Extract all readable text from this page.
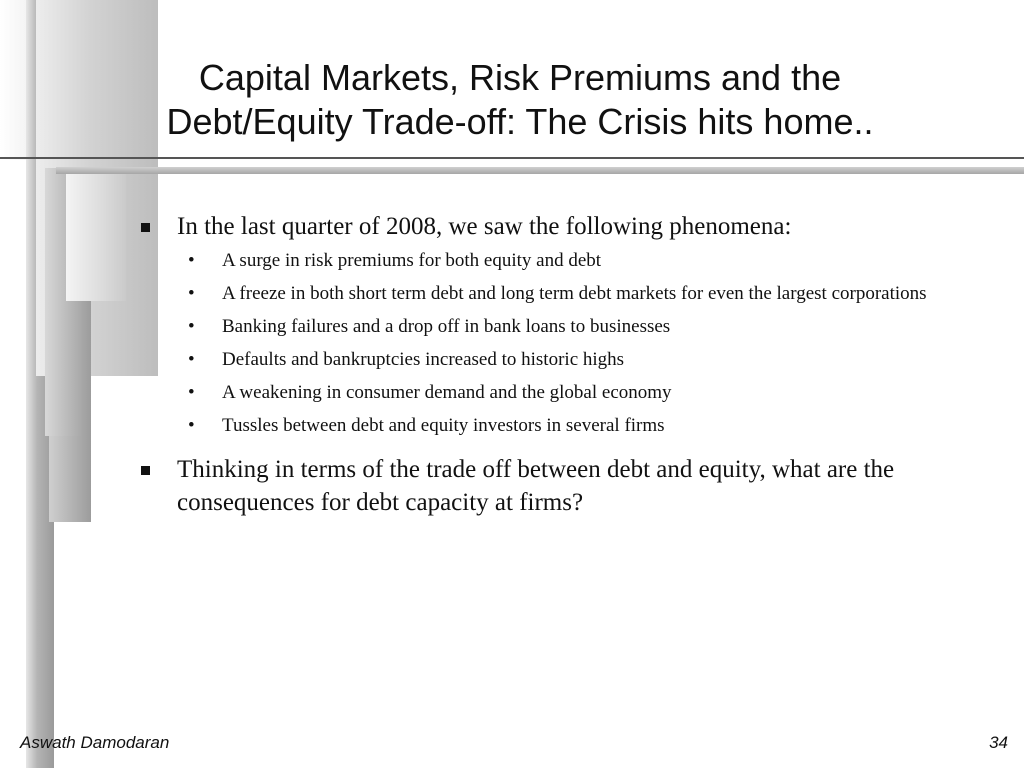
Capital Markets, Risk Premiums and the
Debt/Equity Trade-off: The Crisis hits home..
In the last quarter of 2008, we saw the following phenomena:
• A surge in risk premiums for both equity and debt
• A freeze in both short term debt and long term debt markets for even the largest corporations
• Banking failures and a drop off in bank loans to businesses
• Defaults and bankruptcies increased to historic highs
• A weakening in consumer demand and the global economy
• Tussles between debt and equity investors in several firms
Thinking in terms of the trade off between debt and equity, what are the consequences for debt capacity at firms?
Aswath Damodaran	34
